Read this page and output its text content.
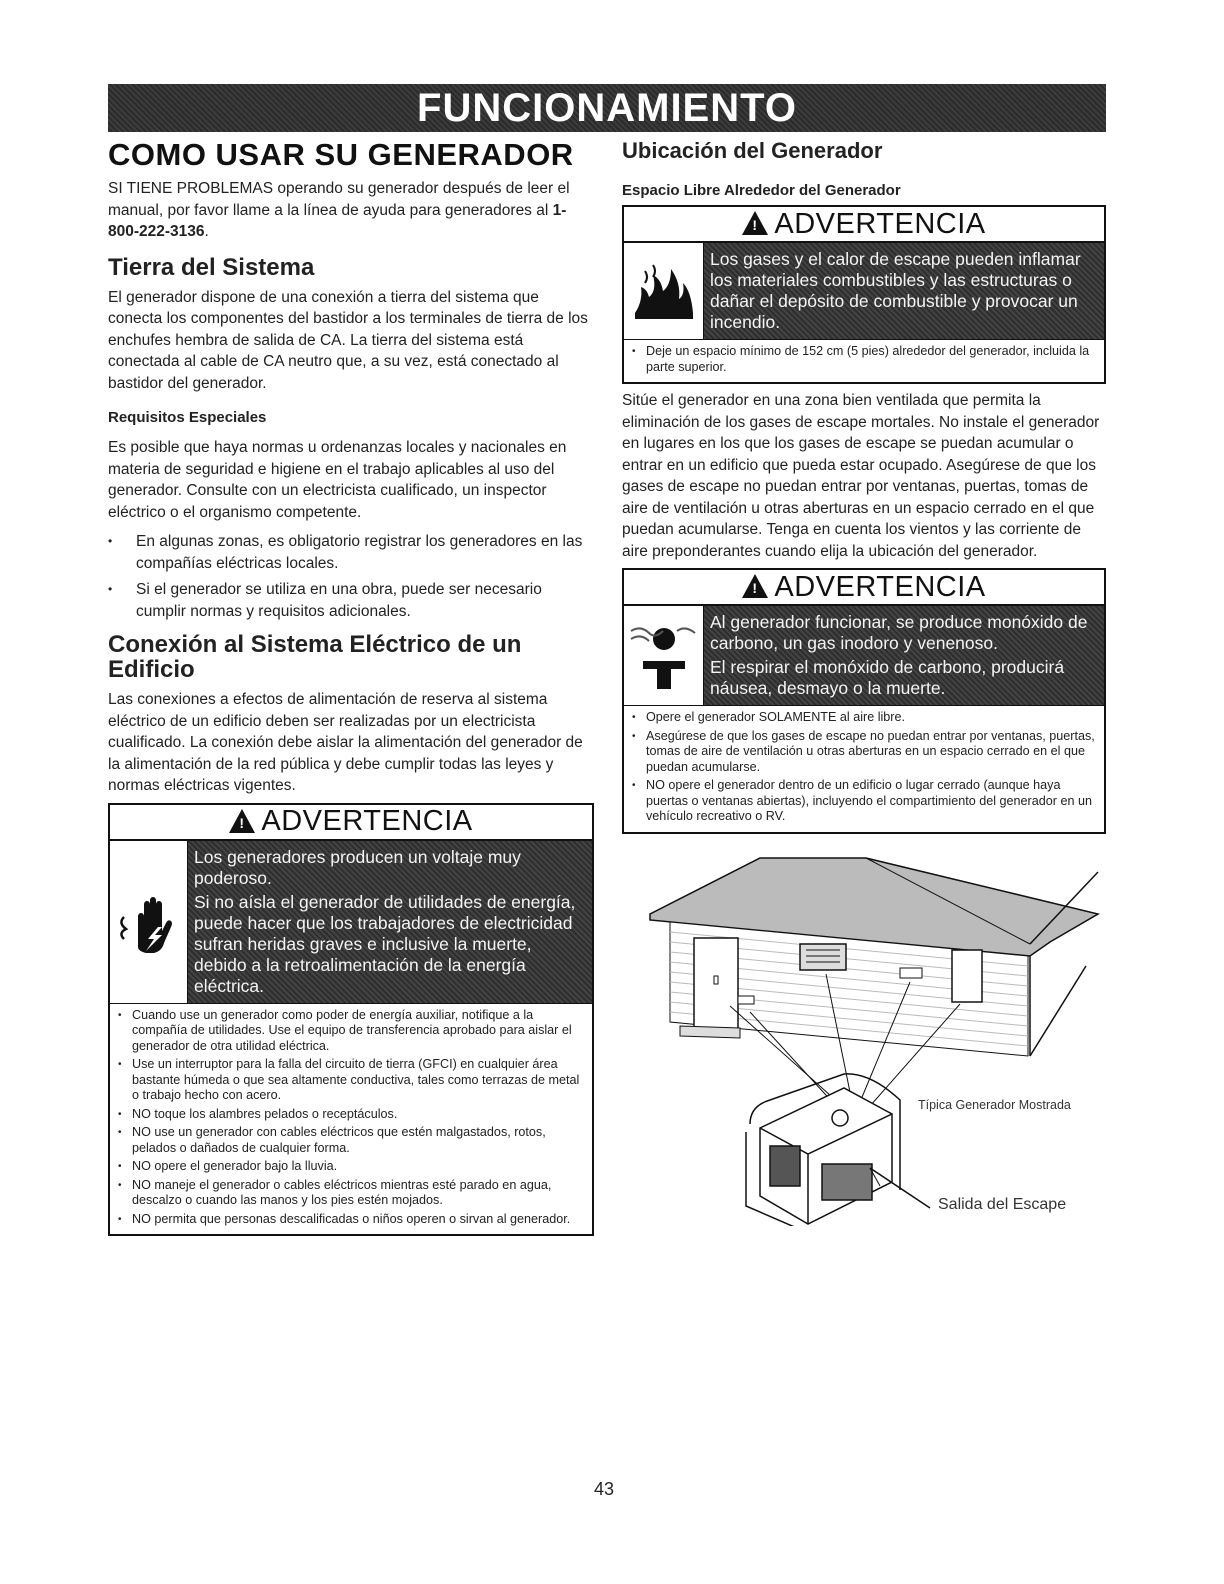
FUNCIONAMIENTO
COMO USAR SU GENERADOR

SI TIENE PROBLEMAS operando su generador después de leer el manual, por favor llame a la línea de ayuda para generadores al 1-800-222-3136.

Tierra del Sistema

El generador dispone de una conexión a tierra del sistema que conecta los componentes del bastidor a los terminales de tierra de los enchufes hembra de salida de CA. La tierra del sistema está conectada al cable de CA neutro que, a su vez, está conectado al bastidor del generador.

Requisitos Especiales

Es posible que haya normas u ordenanzas locales y nacionales en materia de seguridad e higiene en el trabajo aplicables al uso del generador. Consulte con un electricista cualificado, un inspector eléctrico o el organismo competente.

• En algunas zonas, es obligatorio registrar los generadores en las compañías eléctricas locales.
• Si el generador se utiliza en una obra, puede ser necesario cumplir normas y requisitos adicionales.
Conexión al Sistema Eléctrico de un Edificio

Las conexiones a efectos de alimentación de reserva al sistema eléctrico de un edificio deben ser realizadas por un electricista cualificado. La conexión debe aislar la alimentación del generador de la alimentación de la red pública y debe cumplir todas las leyes y normas eléctricas vigentes.

!
ADVERTENCIA

Los generadores producen un voltaje muy poderoso.

Si no aísla el generador de utilidades de energía, puede hacer que los trabajadores de electricidad sufran heridas graves e inclusive la muerte, debido a la retroalimentación de la energía eléctrica.

• Cuando use un generador como poder de energía auxiliar, notifique a la compañía de utilidades. Use el equipo de transferencia aprobado para aislar el generador de otra utilidad eléctrica.
• Use un interruptor para la falla del circuito de tierra (GFCI) en cualquier área bastante húmeda o que sea altamente conductiva, tales como terrazas de metal o trabajo hecho con acero.
• NO toque los alambres pelados o receptáculos.
• NO use un generador con cables eléctricos que estén malgastados, rotos, pelados o dañados de cualquier forma.
• NO opere el generador bajo la lluvia.
• NO maneje el generador o cables eléctricos mientras esté parado en agua, descalzo o cuando las manos y los pies estén mojados.
• NO permita que personas descalificadas o niños operen o sirvan al generador.
Ubicación del Generador
Espacio Libre Alrededor del Generador
!
ADVERTENCIA

Los gases y el calor de escape pueden inflamar los materiales combustibles y las estructuras o dañar el depósito de combustible y provocar un incendio.

• Deje un espacio mínimo de 152 cm (5 pies) alrededor del generador, incluida la parte superior.

Sitúe el generador en una zona bien ventilada que permita la eliminación de los gases de escape mortales. No instale el generador en lugares en los que los gases de escape se puedan acumular o entrar en un edificio que pueda estar ocupado. Asegúrese de que los gases de escape no puedan entrar por ventanas, puertas, tomas de aire de ventilación u otras aberturas en un espacio cerrado en el que puedan acumularse. Tenga en cuenta los vientos y las corriente de aire preponderantes cuando elija la ubicación del generador.

!
ADVERTENCIA

Al generador funcionar, se produce monóxido de carbono, un gas inodoro y venenoso.

El respirar el monóxido de carbono, producirá náusea, desmayo o la muerte.

• Opere el generador SOLAMENTE al aire libre.
• Asegúrese de que los gases de escape no puedan entrar por ventanas, puertas, tomas de aire de ventilación u otras aberturas en un espacio cerrado en el que puedan acumularse.
• NO opere el generador dentro de un edificio o lugar cerrado (aunque haya puertas o ventanas abiertas), incluyendo el compartimiento del generador en un vehículo recreativo o RV.
Típica Generador Mostrada
Salida del Escape
43
